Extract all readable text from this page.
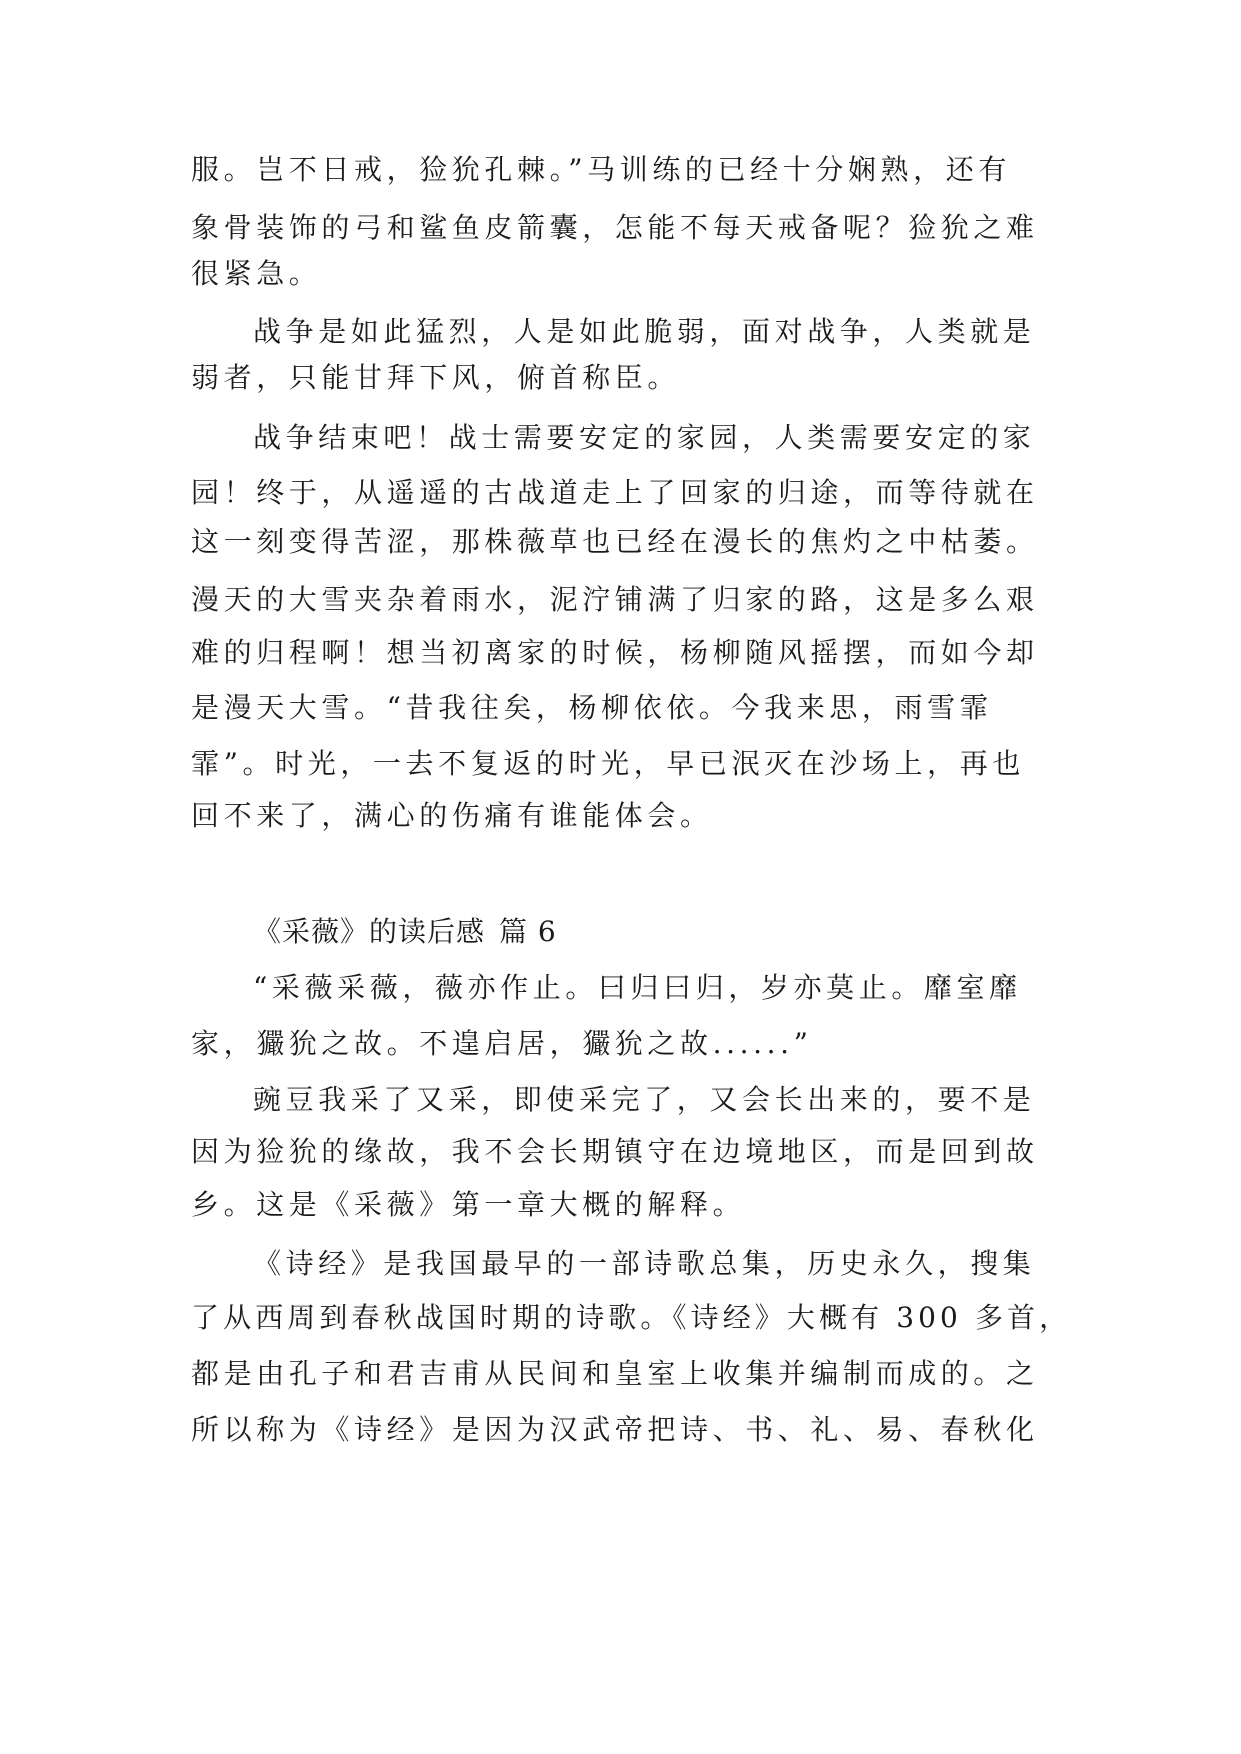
服。岂不日戒，猃狁孔棘。”马训练的已经十分娴熟，还有
象骨装饰的弓和鲨鱼皮箭囊，怎能不每天戒备呢？猃狁之难
很紧急。
战争是如此猛烈，人是如此脆弱，面对战争，人类就是
弱者，只能甘拜下风，俯首称臣。
战争结束吧！战士需要安定的家园，人类需要安定的家
园！终于，从遥遥的古战道走上了回家的归途，而等待就在
这一刻变得苦涩，那株薇草也已经在漫长的焦灼之中枯萎。
漫天的大雪夹杂着雨水，泥泞铺满了归家的路，这是多么艰
难的归程啊！想当初离家的时候，杨柳随风摇摆，而如今却
是漫天大雪。“昔我往矣，杨柳依依。今我来思，雨雪霏
霏”。时光，一去不复返的时光，早已泯灭在沙场上，再也
回不来了，满心的伤痛有谁能体会。
《采薇》的读后感 篇 6
“采薇采薇，薇亦作止。曰归曰归，岁亦莫止。靡室靡
家，玁狁之故。不遑启居，玁狁之故......”
豌豆我采了又采，即使采完了，又会长出来的，要不是
因为猃狁的缘故，我不会长期镇守在边境地区，而是回到故
乡。这是《采薇》第一章大概的解释。
《诗经》是我国最早的一部诗歌总集，历史永久，搜集
了从西周到春秋战国时期的诗歌。《诗经》大概有 300 多首，
都是由孔子和君吉甫从民间和皇室上收集并编制而成的。之
所以称为《诗经》是因为汉武帝把诗、书、礼、易、春秋化
